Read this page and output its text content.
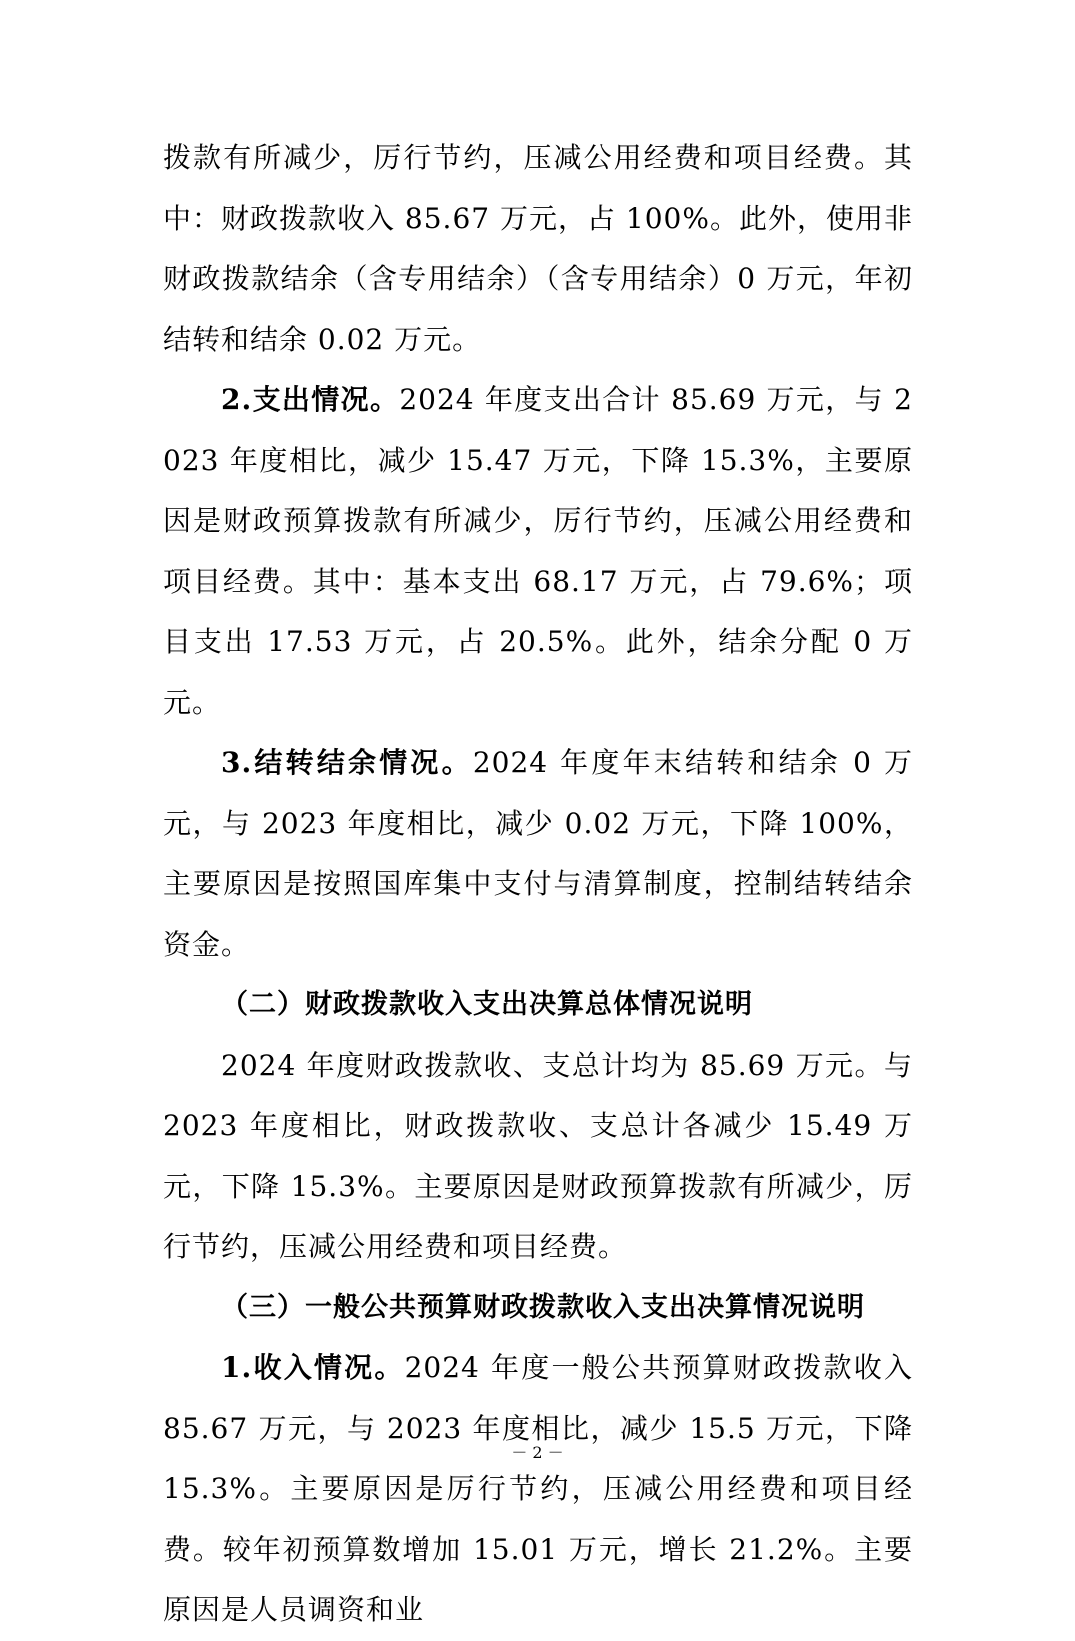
拨款有所减少，厉行节约，压减公用经费和项目经费。其中：财政拨款收入 85.67 万元，占 100%。此外，使用非财政拨款结余（含专用结余）（含专用结余）0 万元，年初结转和结余 0.02 万元。

2.支出情况。2024 年度支出合计 85.69 万元，与 2023 年度相比，减少 15.47 万元，下降 15.3%，主要原因是财政预算拨款有所减少，厉行节约，压减公用经费和项目经费。其中：基本支出 68.17 万元，占 79.6%；项目支出 17.53 万元，占 20.5%。此外，结余分配 0 万元。

3.结转结余情况。2024 年度年末结转和结余 0 万元，与 2023 年度相比，减少 0.02 万元，下降 100%，主要原因是按照国库集中支付与清算制度，控制结转结余资金。

（二）财政拨款收入支出决算总体情况说明

2024 年度财政拨款收、支总计均为 85.69 万元。与 2023 年度相比，财政拨款收、支总计各减少 15.49 万元，下降 15.3%。主要原因是财政预算拨款有所减少，厉行节约，压减公用经费和项目经费。

（三）一般公共预算财政拨款收入支出决算情况说明

1.收入情况。2024 年度一般公共预算财政拨款收入 85.67 万元，与 2023 年度相比，减少 15.5 万元，下降 15.3%。主要原因是厉行节约，压减公用经费和项目经费。较年初预算数增加 15.01 万元，增长 21.2%。主要原因是人员调资和业

－ 2 －
